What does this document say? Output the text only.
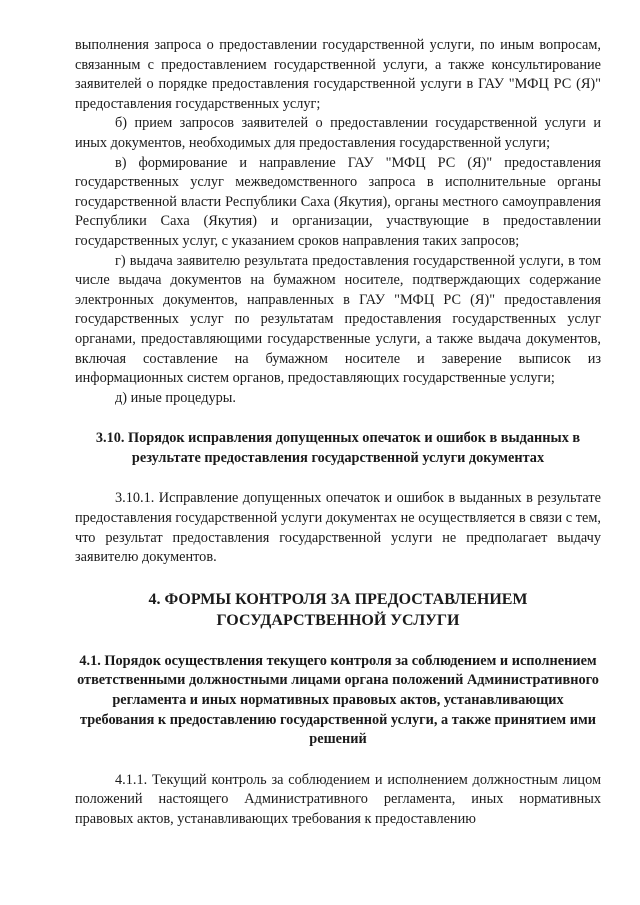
выполнения запроса о предоставлении государственной услуги, по иным вопросам, связанным с предоставлением государственной услуги, а также консультирование заявителей о порядке предоставления государственной услуги в ГАУ "МФЦ РС (Я)" предоставления государственных услуг;

б) прием запросов заявителей о предоставлении государственной услуги и иных документов, необходимых для предоставления государственной услуги;

в) формирование и направление ГАУ "МФЦ РС (Я)" предоставления государственных услуг межведомственного запроса в исполнительные органы государственной власти Республики Саха (Якутия), органы местного самоуправления Республики Саха (Якутия) и организации, участвующие в предоставлении государственных услуг, с указанием сроков направления таких запросов;

г) выдача заявителю результата предоставления государственной услуги, в том числе выдача документов на бумажном носителе, подтверждающих содержание электронных документов, направленных в ГАУ "МФЦ РС (Я)" предоставления государственных услуг по результатам предоставления государственных услуг органами, предоставляющими государственные услуги, а также выдача документов, включая составление на бумажном носителе и заверение выписок из информационных систем органов, предоставляющих государственные услуги;

д) иные процедуры.

3.10. Порядок исправления допущенных опечаток и ошибок в выданных в результате предоставления государственной услуги документах

3.10.1. Исправление допущенных опечаток и ошибок в выданных в результате предоставления государственной услуги документах не осуществляется в связи с тем, что результат предоставления государственной услуги не предполагает выдачу заявителю документов.

4. ФОРМЫ КОНТРОЛЯ ЗА ПРЕДОСТАВЛЕНИЕМ ГОСУДАРСТВЕННОЙ УСЛУГИ
4.1. Порядок осуществления текущего контроля за соблюдением и исполнением ответственными должностными лицами органа положений Административного регламента и иных нормативных правовых актов, устанавливающих требования к предоставлению государственной услуги, а также принятием ими решений

4.1.1. Текущий контроль за соблюдением и исполнением должностным лицом положений настоящего Административного регламента, иных нормативных правовых актов, устанавливающих требования к предоставлению
